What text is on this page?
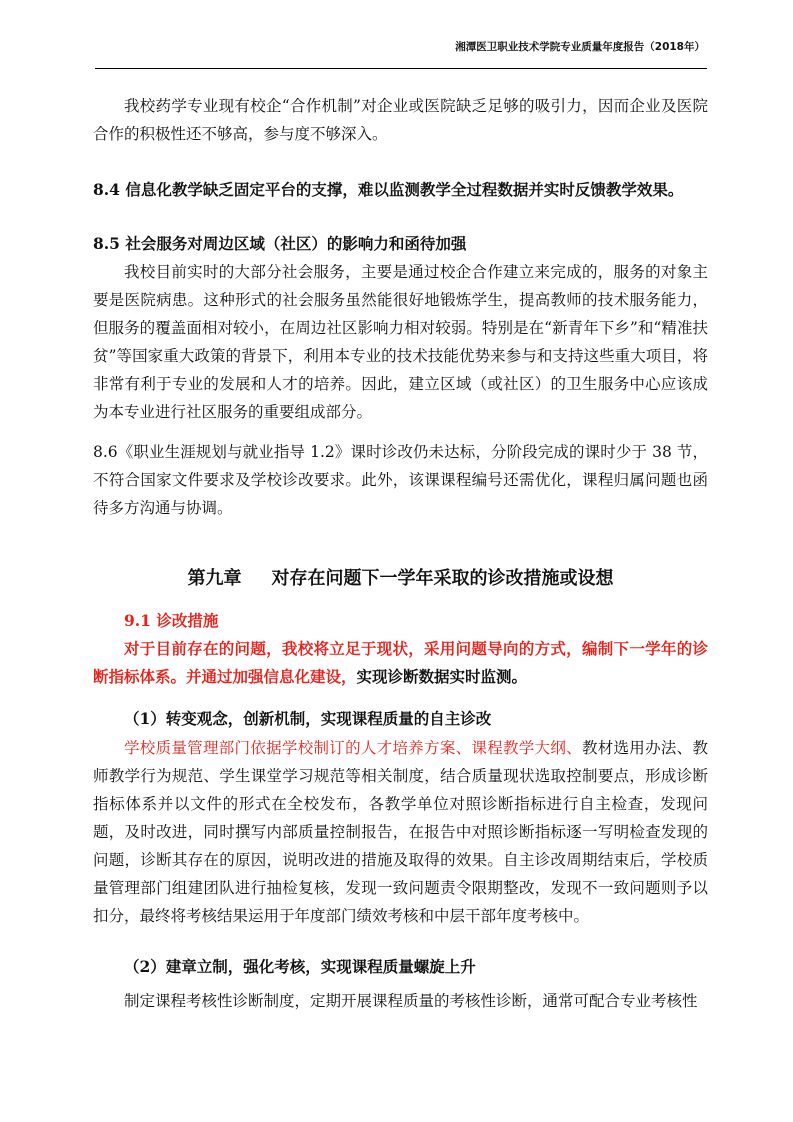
湘潭医卫职业技术学院专业质量年度报告（2018年）
我校药学专业现有校企“合作机制”对企业或医院缺乏足够的吸引力，因而企业及医院合作的积极性还不够高，参与度不够深入。
8.4 信息化教学缺乏固定平台的支撑，难以监测教学全过程数据并实时反馈教学效果。
8.5 社会服务对周边区域（社区）的影响力和函待加强
我校目前实时的大部分社会服务，主要是通过校企合作建立来完成的，服务的对象主要是医院病患。这种形式的社会服务虽然能很好地锻炼学生，提高教师的技术服务能力，但服务的覆盖面相对较小，在周边社区影响力相对较弱。特别是在“新青年下乡”和“精准扶贫”等国家重大政策的背景下，利用本专业的技术技能优势来参与和支持这些重大项目，将非常有利于专业的发展和人才的培养。因此，建立区域（或社区）的卫生服务中心应该成为本专业进行社区服务的重要组成部分。
8.6《职业生涯规划与就业指导 1.2》课时诊改仍未达标，分阶段完成的课时少于 38 节，不符合国家文件要求及学校诊改要求。此外，该课课程编号还需优化，课程归属问题也函待多方沟通与协调。
第九章 对存在问题下一学年采取的诊改措施或设想
9.1 诊改措施
对于目前存在的问题，我校将立足于现状，采用问题导向的方式，编制下一学年的诊断指标体系。并通过加强信息化建设，实现诊断数据实时监测。
（1）转变观念，创新机制，实现课程质量的自主诊改
学校质量管理部门依据学校制订的人才培养方案、课程教学大纲、教材选用办法、教师教学行为规范、学生课堂学习规范等相关制度，结合质量现状选取控制要点，形成诊断指标体系并以文件的形式在全校发布，各教学单位对照诊断指标进行自主检查，发现问题，及时改进，同时撰写内部质量控制报告，在报告中对照诊断指标逐一写明检查发现的问题，诊断其存在的原因，说明改进的措施及取得的效果。自主诊改周期结束后，学校质量管理部门组建团队进行抽检复核，发现一致问题责令限期整改，发现不一致问题则予以扣分，最终将考核结果运用于年度部门绩效考核和中层干部年度考核中。
（2）建章立制，强化考核，实现课程质量螺旋上升
制定课程考核性诊断制度，定期开展课程质量的考核性诊断，通常可配合专业考核性
